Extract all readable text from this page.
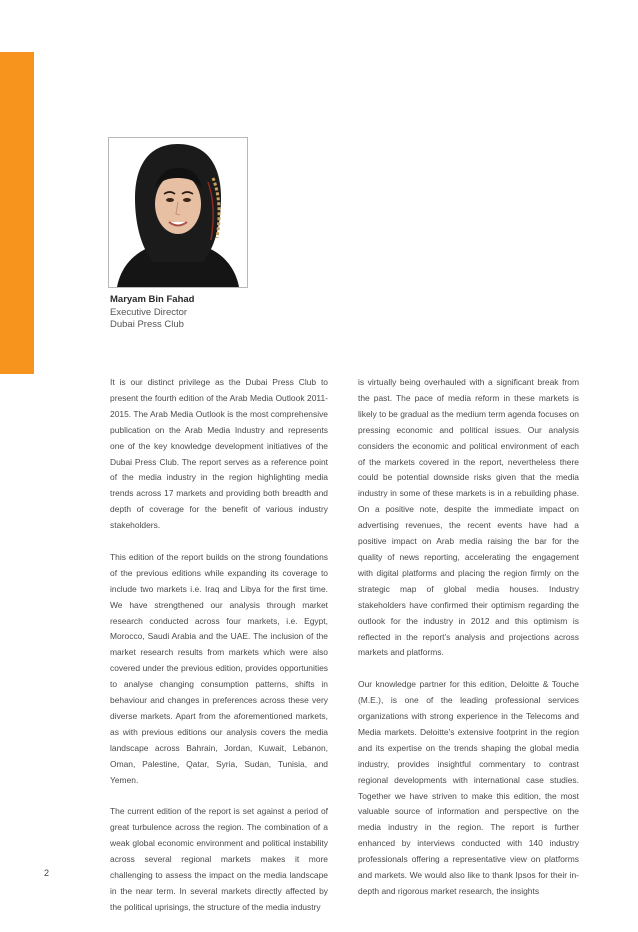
Maryam Bin Fahad
Executive Director
Dubai Press Club

It is our distinct privilege as the Dubai Press Club to present the fourth edition of the Arab Media Outlook 2011- 2015. The Arab Media Outlook is the most comprehensive publication on the Arab Media Industry and represents one of the key knowledge development initiatives of the Dubai Press Club. The report serves as a reference point of the media industry in the region highlighting media trends across 17 markets and providing both breadth and depth of coverage for the benefit of various industry stakeholders.

This edition of the report builds on the strong foundations of the previous editions while expanding its coverage to include two markets i.e. Iraq and Libya for the first time. We have strengthened our analysis through market research conducted across four markets, i.e. Egypt, Morocco, Saudi Arabia and the UAE. The inclusion of the market research results from markets which were also covered under the previous edition, provides opportunities to analyse changing consumption patterns, shifts in behaviour and changes in preferences across these very diverse markets. Apart from the aforementioned markets, as with previous editions our analysis covers the media landscape across Bahrain, Jordan, Kuwait, Lebanon, Oman, Palestine, Qatar, Syria, Sudan, Tunisia, and Yemen.

The current edition of the report is set against a period of great turbulence across the region. The combination of a weak global economic environment and political instability across several regional markets makes it more challenging to assess the impact on the media landscape in the near term. In several markets directly affected by the political uprisings, the structure of the media industry

is virtually being overhauled with a significant break from the past. The pace of media reform in these markets is likely to be gradual as the medium term agenda focuses on pressing economic and political issues. Our analysis considers the economic and political environment of each of the markets covered in the report, nevertheless there could be potential downside risks given that the media industry in some of these markets is in a rebuilding phase. On a positive note, despite the immediate impact on advertising revenues, the recent events have had a positive impact on Arab media raising the bar for the quality of news reporting, accelerating the engagement with digital platforms and placing the region firmly on the strategic map of global media houses. Industry stakeholders have confirmed their optimism regarding the outlook for the industry in 2012 and this optimism is reflected in the report's analysis and projections across markets and platforms.

Our knowledge partner for this edition, Deloitte & Touche (M.E.), is one of the leading professional services organizations with strong experience in the Telecoms and Media markets. Deloitte's extensive footprint in the region and its expertise on the trends shaping the global media industry, provides insightful commentary to contrast regional developments with international case studies. Together we have striven to make this edition, the most valuable source of information and perspective on the media industry in the region. The report is further enhanced by interviews conducted with 140 industry professionals offering a representative view on platforms and markets. We would also like to thank Ipsos for their in-depth and rigorous market research, the insights

2
